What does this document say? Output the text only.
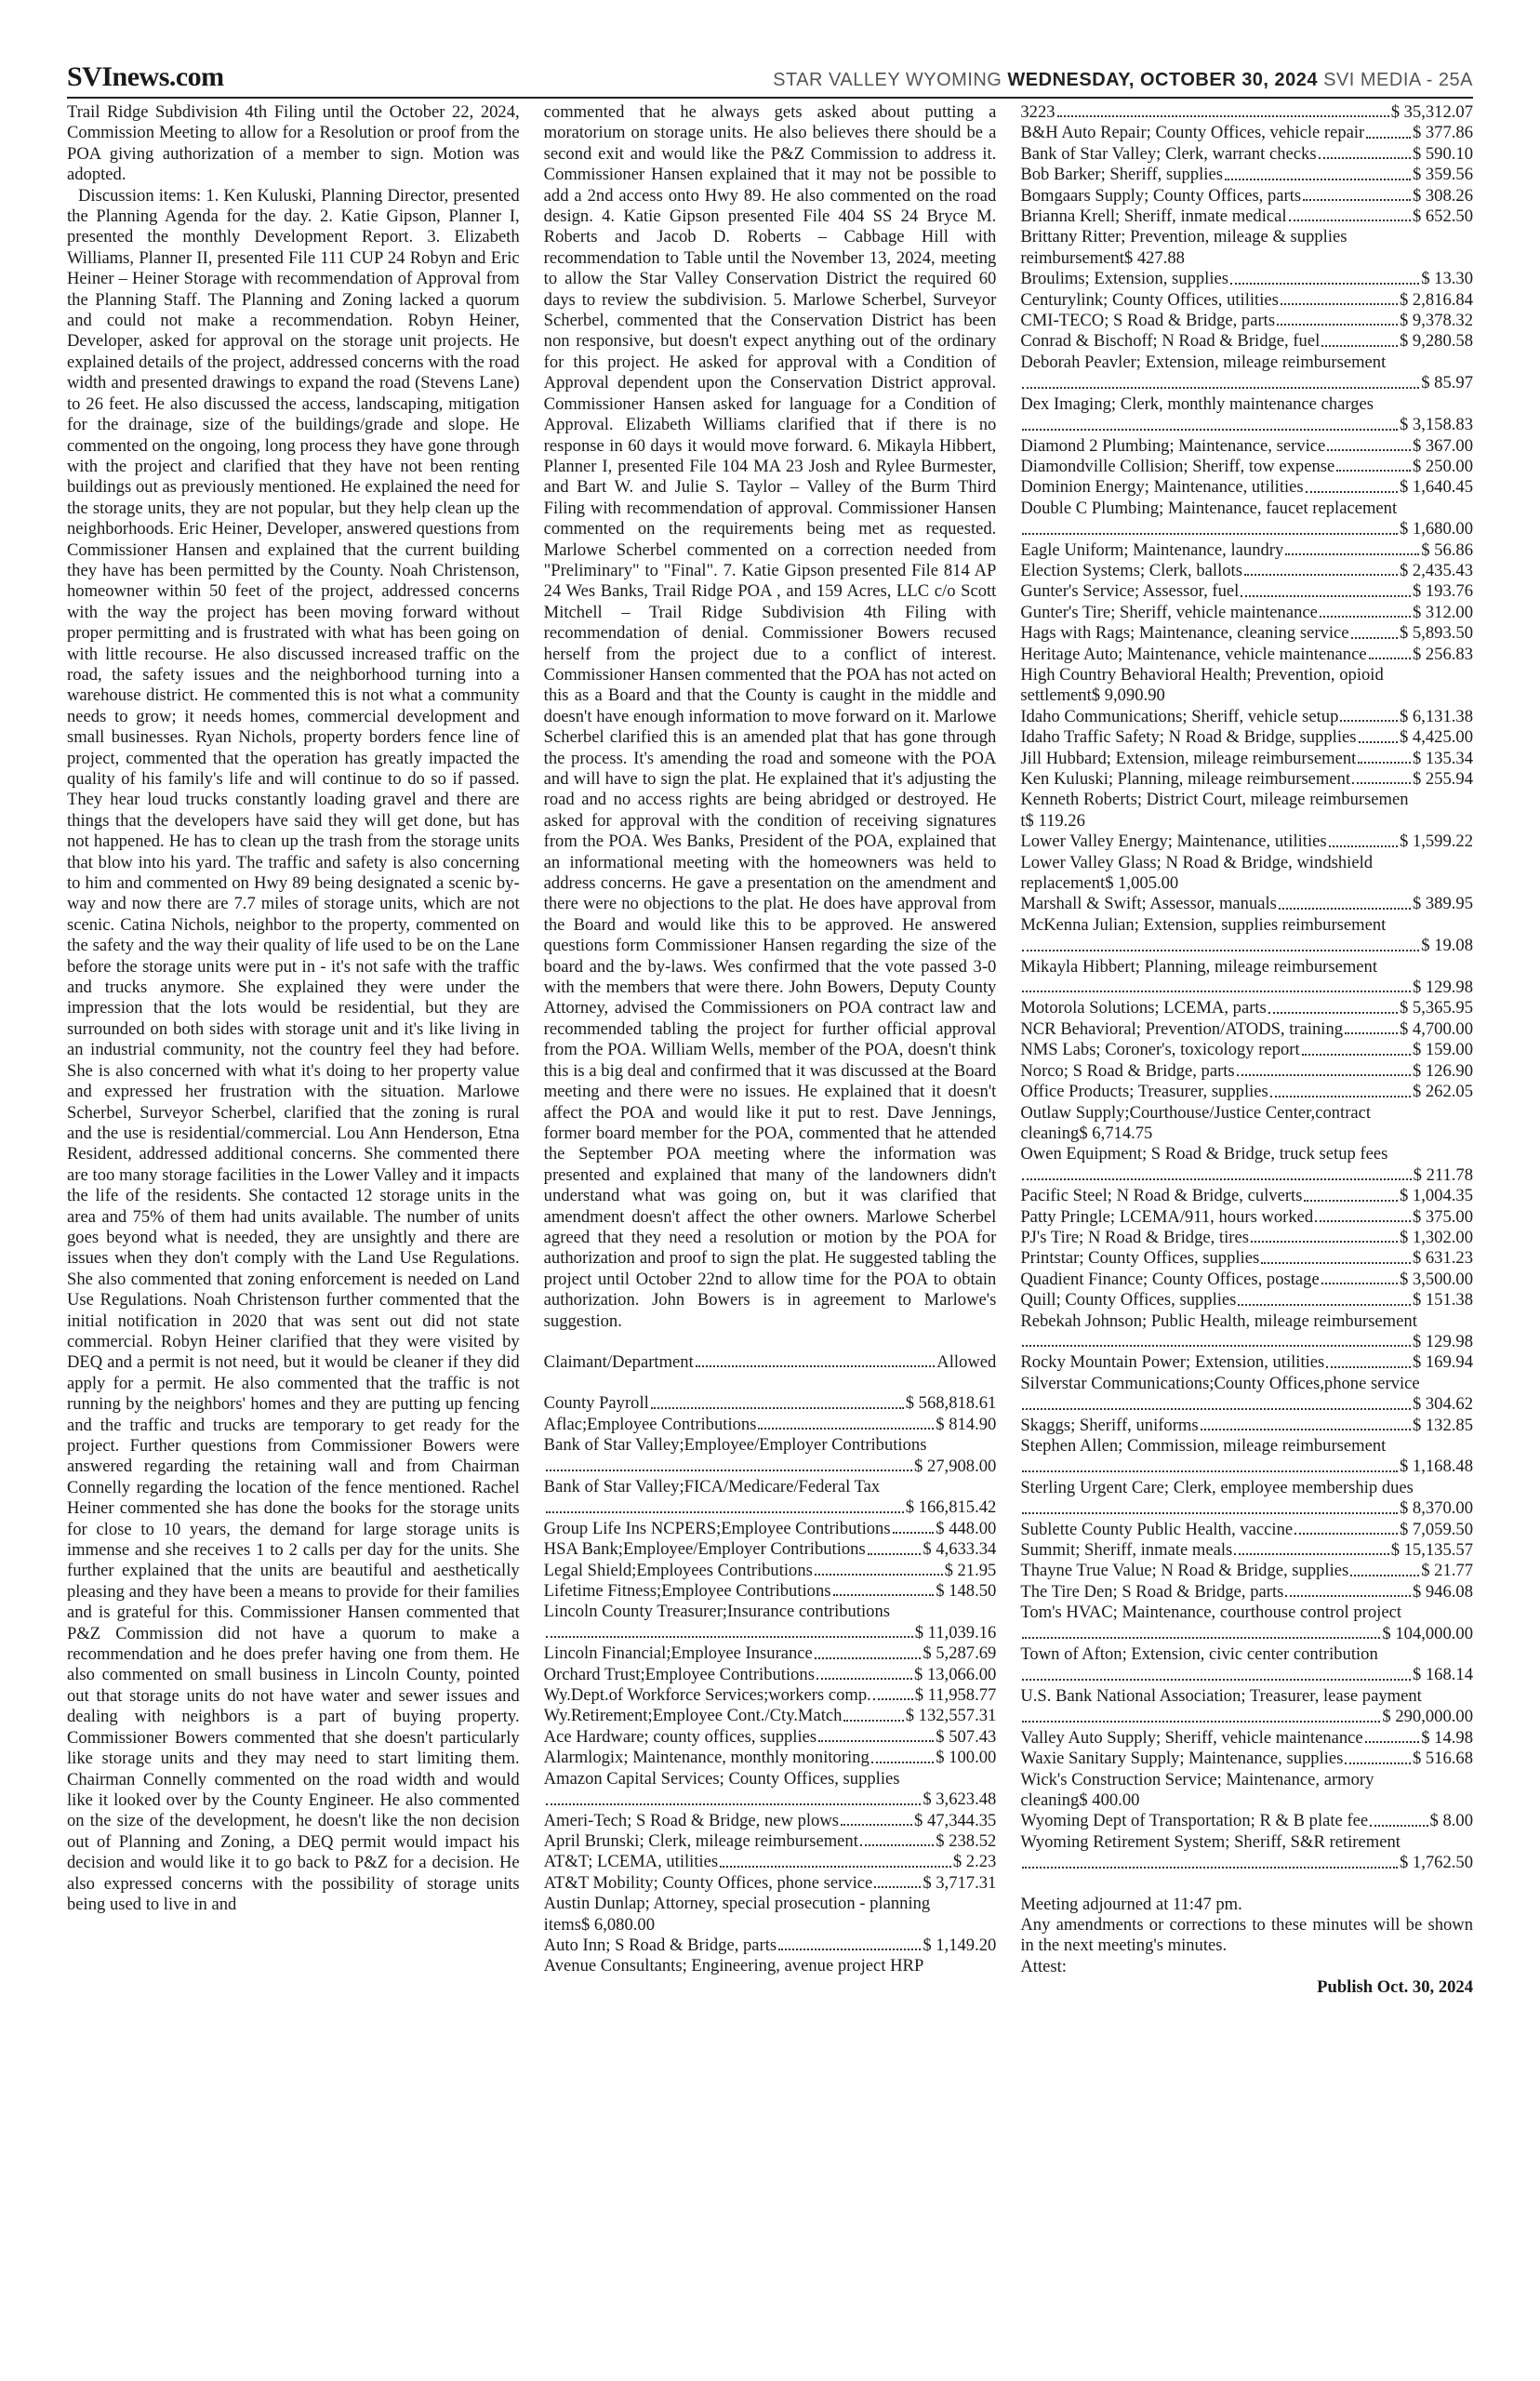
SVInews.com	STAR VALLEY WYOMING WEDNESDAY, OCTOBER 30, 2024 SVI MEDIA - 25A

Trail Ridge Subdivision 4th Filing until the October 22, 2024, Commission Meeting to allow for a Resolution or proof from the POA giving authorization of a member to sign. Motion was adopted.

Discussion items: 1. Ken Kuluski, Planning Director, presented the Planning Agenda for the day. 2. Katie Gipson, Planner I, presented the monthly Development Report. 3. Elizabeth Williams, Planner II, presented File 111 CUP 24 Robyn and Eric Heiner – Heiner Storage with recommendation of Approval from the Planning Staff. The Planning and Zoning lacked a quorum and could not make a recommendation. Robyn Heiner, Developer, asked for approval on the storage unit projects. He explained details of the project, addressed concerns with the road width and presented drawings to expand the road (Stevens Lane) to 26 feet. He also discussed the access, landscaping, mitigation for the drainage, size of the buildings/grade and slope. He commented on the ongoing, long process they have gone through with the project and clarified that they have not been renting buildings out as previously mentioned. He explained the need for the storage units, they are not popular, but they help clean up the neighborhoods. Eric Heiner, Developer, answered questions from Commissioner Hansen and explained that the current building they have has been permitted by the County. Noah Christenson, homeowner within 50 feet of the project, addressed concerns with the way the project has been moving forward without proper permitting and is frustrated with what has been going on with little recourse. He also discussed increased traffic on the road, the safety issues and the neighborhood turning into a warehouse district. He commented this is not what a community needs to grow; it needs homes, commercial development and small businesses. Ryan Nichols, property borders fence line of project, commented that the operation has greatly impacted the quality of his family's life and will continue to do so if passed. They hear loud trucks constantly loading gravel and there are things that the developers have said they will get done, but has not happened. He has to clean up the trash from the storage units that blow into his yard. The traffic and safety is also concerning to him and commented on Hwy 89 being designated a scenic by-way and now there are 7.7 miles of storage units, which are not scenic. Catina Nichols, neighbor to the property, commented on the safety and the way their quality of life used to be on the Lane before the storage units were put in - it's not safe with the traffic and trucks anymore. She explained they were under the impression that the lots would be residential, but they are surrounded on both sides with storage unit and it's like living in an industrial community, not the country feel they had before. She is also concerned with what it's doing to her property value and expressed her frustration with the situation. Marlowe Scherbel, Surveyor Scherbel, clarified that the zoning is rural and the use is residential/commercial. Lou Ann Henderson, Etna Resident, addressed additional concerns. She commented there are too many storage facilities in the Lower Valley and it impacts the life of the residents. She contacted 12 storage units in the area and 75% of them had units available. The number of units goes beyond what is needed, they are unsightly and there are issues when they don't comply with the Land Use Regulations. She also commented that zoning enforcement is needed on Land Use Regulations. Noah Christenson further commented that the initial notification in 2020 that was sent out did not state commercial. Robyn Heiner clarified that they were visited by DEQ and a permit is not need, but it would be cleaner if they did apply for a permit. He also commented that the traffic is not running by the neighbors' homes and they are putting up fencing and the traffic and trucks are temporary to get ready for the project. Further questions from Commissioner Bowers were answered regarding the retaining wall and from Chairman Connelly regarding the location of the fence mentioned. Rachel Heiner commented she has done the books for the storage units for close to 10 years, the demand for large storage units is immense and she receives 1 to 2 calls per day for the units. She further explained that the units are beautiful and aesthetically pleasing and they have been a means to provide for their families and is grateful for this. Commissioner Hansen commented that P&Z Commission did not have a quorum to make a recommendation and he does prefer having one from them. He also commented on small business in Lincoln County, pointed out that storage units do not have water and sewer issues and dealing with neighbors is a part of buying property. Commissioner Bowers commented that she doesn't particularly like storage units and they may need to start limiting them. Chairman Connelly commented on the road width and would like it looked over by the County Engineer. He also commented on the size of the development, he doesn't like the non decision out of Planning and Zoning, a DEQ permit would impact his decision and would like it to go back to P&Z for a decision. He also expressed concerns with the possibility of storage units being used to live in and

commented that he always gets asked about putting a moratorium on storage units. He also believes there should be a second exit and would like the P&Z Commission to address it. Commissioner Hansen explained that it may not be possible to add a 2nd access onto Hwy 89. He also commented on the road design. 4. Katie Gipson presented File 404 SS 24 Bryce M. Roberts and Jacob D. Roberts – Cabbage Hill with recommendation to Table until the November 13, 2024, meeting to allow the Star Valley Conservation District the required 60 days to review the subdivision. 5. Marlowe Scherbel, Surveyor Scherbel, commented that the Conservation District has been non responsive, but doesn't expect anything out of the ordinary for this project. He asked for approval with a Condition of Approval dependent upon the Conservation District approval. Commissioner Hansen asked for language for a Condition of Approval. Elizabeth Williams clarified that if there is no response in 60 days it would move forward. 6. Mikayla Hibbert, Planner I, presented File 104 MA 23 Josh and Rylee Burmester, and Bart W. and Julie S. Taylor – Valley of the Burm Third Filing with recommendation of approval. Commissioner Hansen commented on the requirements being met as requested. Marlowe Scherbel commented on a correction needed from "Preliminary" to "Final". 7. Katie Gipson presented File 814 AP 24 Wes Banks, Trail Ridge POA , and 159 Acres, LLC c/o Scott Mitchell – Trail Ridge Subdivision 4th Filing with recommendation of denial. Commissioner Bowers recused herself from the project due to a conflict of interest. Commissioner Hansen commented that the POA has not acted on this as a Board and that the County is caught in the middle and doesn't have enough information to move forward on it. Marlowe Scherbel clarified this is an amended plat that has gone through the process. It's amending the road and someone with the POA and will have to sign the plat. He explained that it's adjusting the road and no access rights are being abridged or destroyed. He asked for approval with the condition of receiving signatures from the POA. Wes Banks, President of the POA, explained that an informational meeting with the homeowners was held to address concerns. He gave a presentation on the amendment and there were no objections to the plat. He does have approval from the Board and would like this to be approved. He answered questions form Commissioner Hansen regarding the size of the board and the by-laws. Wes confirmed that the vote passed 3-0 with the members that were there. John Bowers, Deputy County Attorney, advised the Commissioners on POA contract law and recommended tabling the project for further official approval from the POA. William Wells, member of the POA, doesn't think this is a big deal and confirmed that it was discussed at the Board meeting and there were no issues. He explained that it doesn't affect the POA and would like it put to rest. Dave Jennings, former board member for the POA, commented that he attended the September POA meeting where the information was presented and explained that many of the landowners didn't understand what was going on, but it was clarified that amendment doesn't affect the other owners. Marlowe Scherbel agreed that they need a resolution or motion by the POA for authorization and proof to sign the plat. He suggested tabling the project until October 22nd to allow time for the POA to obtain authorization. John Bowers is in agreement to Marlowe's suggestion.

Claimant/Department	Allowed
County Payroll	$ 568,818.61
Aflac;Employee Contributions	$ 814.90
Bank of Star Valley;Employee/Employer Contributions
$ 27,908.00
Bank of Star Valley;FICA/Medicare/Federal Tax
$ 166,815.42
Group Life Ins NCPERS;Employee Contributions	$ 448.00
HSA Bank;Employee/Employer Contributions	$ 4,633.34
Legal Shield;Employees Contributions	$ 21.95
Lifetime Fitness;Employee Contributions	$ 148.50
Lincoln County Treasurer;Insurance contributions
$ 11,039.16
Lincoln Financial;Employee Insurance	$ 5,287.69
Orchard Trust;Employee Contributions	$ 13,066.00
Wy.Dept.of Workforce Services;workers comp.	$ 11,958.77
Wy.Retirement;Employee Cont./Cty.Match	$ 132,557.31
Ace Hardware; county offices, supplies	$ 507.43
Alarmlogix; Maintenance, monthly monitoring	$ 100.00
Amazon Capital Services; County Offices, supplies
$ 3,623.48
Ameri-Tech; S Road & Bridge, new plows	$ 47,344.35
April Brunski; Clerk, mileage reimbursement	$ 238.52
AT&T; LCEMA, utilities	$ 2.23
AT&T Mobility; County Offices, phone service	$ 3,717.31
Austin Dunlap; Attorney, special prosecution - planning
items $ 6,080.00
Auto Inn; S Road & Bridge, parts	$ 1,149.20
Avenue Consultants; Engineering, avenue project HRP
3223	$ 35,312.07
B&H Auto Repair; County Offices, vehicle repair	$ 377.86
Bank of Star Valley; Clerk, warrant checks	$ 590.10
Bob Barker; Sheriff, supplies	$ 359.56
Bomgaars Supply; County Offices, parts	$ 308.26
Brianna Krell; Sheriff, inmate medical	$ 652.50
Brittany Ritter; Prevention, mileage & supplies
reimbursement $ 427.88
Broulims; Extension, supplies	$ 13.30
Centurylink; County Offices, utilities	$ 2,816.84
CMI-TECO; S Road & Bridge, parts	$ 9,378.32
Conrad & Bischoff; N Road & Bridge, fuel	$ 9,280.58
Deborah Peavler; Extension, mileage reimbursement
$ 85.97
Dex Imaging; Clerk, monthly maintenance charges
$ 3,158.83
Diamond 2 Plumbing; Maintenance, service	$ 367.00
Diamondville Collision; Sheriff, tow expense	$ 250.00
Dominion Energy; Maintenance, utilities	$ 1,640.45
Double C Plumbing; Maintenance, faucet replacement
$ 1,680.00
Eagle Uniform; Maintenance, laundry	$ 56.86
Election Systems; Clerk, ballots	$ 2,435.43
Gunter's Service; Assessor, fuel	$ 193.76
Gunter's Tire; Sheriff, vehicle maintenance	$ 312.00
Hags with Rags; Maintenance, cleaning service	$ 5,893.50
Heritage Auto; Maintenance, vehicle maintenance	$ 256.83
High Country Behavioral Health; Prevention, opioid
settlement $ 9,090.90
Idaho Communications; Sheriff, vehicle setup	$ 6,131.38
Idaho Traffic Safety; N Road & Bridge, supplies $ 4,425.00
Jill Hubbard; Extension, mileage reimbursement	$ 135.34
Ken Kuluski; Planning, mileage reimbursement	$ 255.94
Kenneth Roberts; District Court, mileage reimbursemen
t $ 119.26
Lower Valley Energy; Maintenance, utilities	$ 1,599.22
Lower Valley Glass; N Road & Bridge, windshield
replacement $ 1,005.00
Marshall & Swift; Assessor, manuals	$ 389.95
McKenna Julian; Extension, supplies reimbursement
$ 19.08
Mikayla Hibbert; Planning, mileage reimbursement
$ 129.98
Motorola Solutions; LCEMA, parts	$ 5,365.95
NCR Behavioral; Prevention/ATODS, training	$ 4,700.00
NMS Labs; Coroner's, toxicology report	$ 159.00
Norco; S Road & Bridge, parts	$ 126.90
Office Products; Treasurer, supplies	$ 262.05
Outlaw Supply;Courthouse/Justice Center,contract
cleaning $ 6,714.75
Owen Equipment; S Road & Bridge, truck setup fees
$ 211.78
Pacific Steel; N Road & Bridge, culverts	$ 1,004.35
Patty Pringle; LCEMA/911, hours worked	$ 375.00
PJ's Tire; N Road & Bridge, tires	$ 1,302.00
Printstar; County Offices, supplies	$ 631.23
Quadient Finance; County Offices, postage	$ 3,500.00
Quill; County Offices, supplies	$ 151.38
Rebekah Johnson; Public Health, mileage reimbursement
$ 129.98
Rocky Mountain Power; Extension, utilities	$ 169.94
Silverstar Communications;County Offices,phone service
$ 304.62
Skaggs; Sheriff, uniforms	$ 132.85
Stephen Allen; Commission, mileage reimbursement
$ 1,168.48
Sterling Urgent Care; Clerk, employee membership dues
$ 8,370.00
Sublette County Public Health, vaccine	$ 7,059.50
Summit; Sheriff, inmate meals	$ 15,135.57
Thayne True Value; N Road & Bridge, supplies	$ 21.77
The Tire Den; S Road & Bridge, parts	$ 946.08
Tom's HVAC; Maintenance, courthouse control project
$ 104,000.00
Town of Afton; Extension, civic center contribution
$ 168.14
U.S. Bank National Association; Treasurer, lease payment
$ 290,000.00
Valley Auto Supply; Sheriff, vehicle maintenance	$ 14.98
Waxie Sanitary Supply; Maintenance, supplies	$ 516.68
Wick's Construction Service; Maintenance, armory
cleaning $ 400.00
Wyoming Dept of Transportation; R & B plate fee	$ 8.00
Wyoming Retirement System; Sheriff, S&R retirement
$ 1,762.50

Meeting adjourned at 11:47 pm.

Any amendments or corrections to these minutes will be shown in the next meeting's minutes.

Attest:

Publish Oct. 30, 2024
